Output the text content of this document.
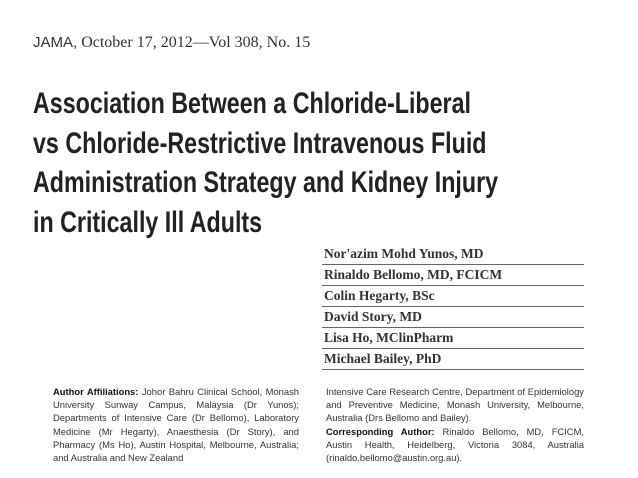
JAMA, October 17, 2012—Vol 308, No. 15
Association Between a Chloride-Liberal
vs Chloride-Restrictive Intravenous Fluid
Administration Strategy and Kidney Injury
in Critically Ill Adults
Nor'azim Mohd Yunos, MD
Rinaldo Bellomo, MD, FCICM
Colin Hegarty, BSc
David Story, MD
Lisa Ho, MClinPharm
Michael Bailey, PhD
Author Affiliations: Johor Bahru Clinical School, Monash University Sunway Campus, Malaysia (Dr Yunos); Departments of Intensive Care (Dr Bellomo), Laboratory Medicine (Mr Hegarty), Anaesthesia (Dr Story), and Pharmacy (Ms Ho), Austin Hospital, Melbourne, Australia; and Australia and New Zealand
Intensive Care Research Centre, Department of Epidemiology and Preventive Medicine, Monash University, Melbourne, Australia (Drs Bellomo and Bailey).
Corresponding Author: Rinaldo Bellomo, MD, FCICM, Austin Health, Heidelberg, Victoria 3084, Australia (rinaldo.bellomo@austin.org.au).
